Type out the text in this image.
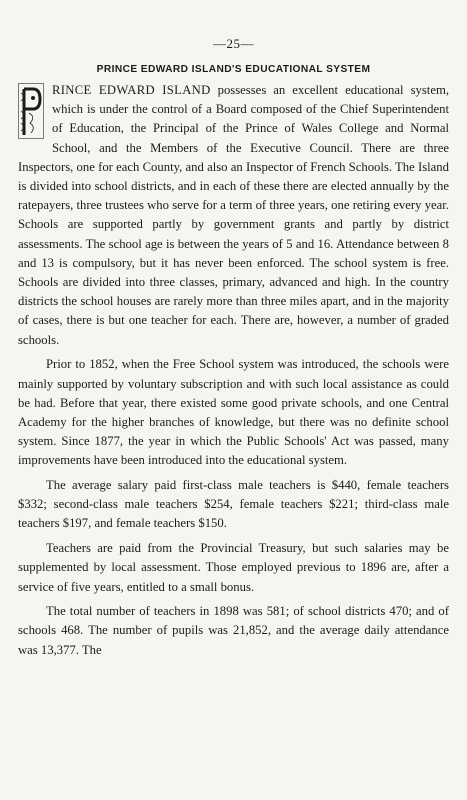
—25—
PRINCE EDWARD ISLAND'S EDUCATIONAL SYSTEM

RINCE EDWARD ISLAND possesses an excellent educational system, which is under the control of a Board composed of the Chief Superintendent of Education, the Principal of the Prince of Wales College and Normal School, and the Members of the Executive Council. There are three Inspectors, one for each County, and also an Inspector of French Schools. The Island is divided into school districts, and in each of these there are elected annually by the ratepayers, three trustees who serve for a term of three years, one retiring every year. Schools are supported partly by government grants and partly by district assessments. The school age is between the years of 5 and 16. Attendance between 8 and 13 is compulsory, but it has never been enforced. The school system is free. Schools are divided into three classes, primary, advanced and high. In the country districts the school houses are rarely more than three miles apart, and in the majority of cases, there is but one teacher for each. There are, however, a number of graded schools.

Prior to 1852, when the Free School system was introduced, the schools were mainly supported by voluntary subscription and with such local assistance as could be had. Before that year, there existed some good private schools, and one Central Academy for the higher branches of knowledge, but there was no definite school system. Since 1877, the year in which the Public Schools' Act was passed, many improvements have been introduced into the educational system.

The average salary paid first-class male teachers is $440, female teachers $332; second-class male teachers $254, female teachers $221; third-class male teachers $197, and female teachers $150.

Teachers are paid from the Provincial Treasury, but such salaries may be supplemented by local assessment. Those employed previous to 1896 are, after a service of five years, entitled to a small bonus.

The total number of teachers in 1898 was 581; of school districts 470; and of schools 468. The number of pupils was 21,852, and the average daily attendance was 13,377. The
